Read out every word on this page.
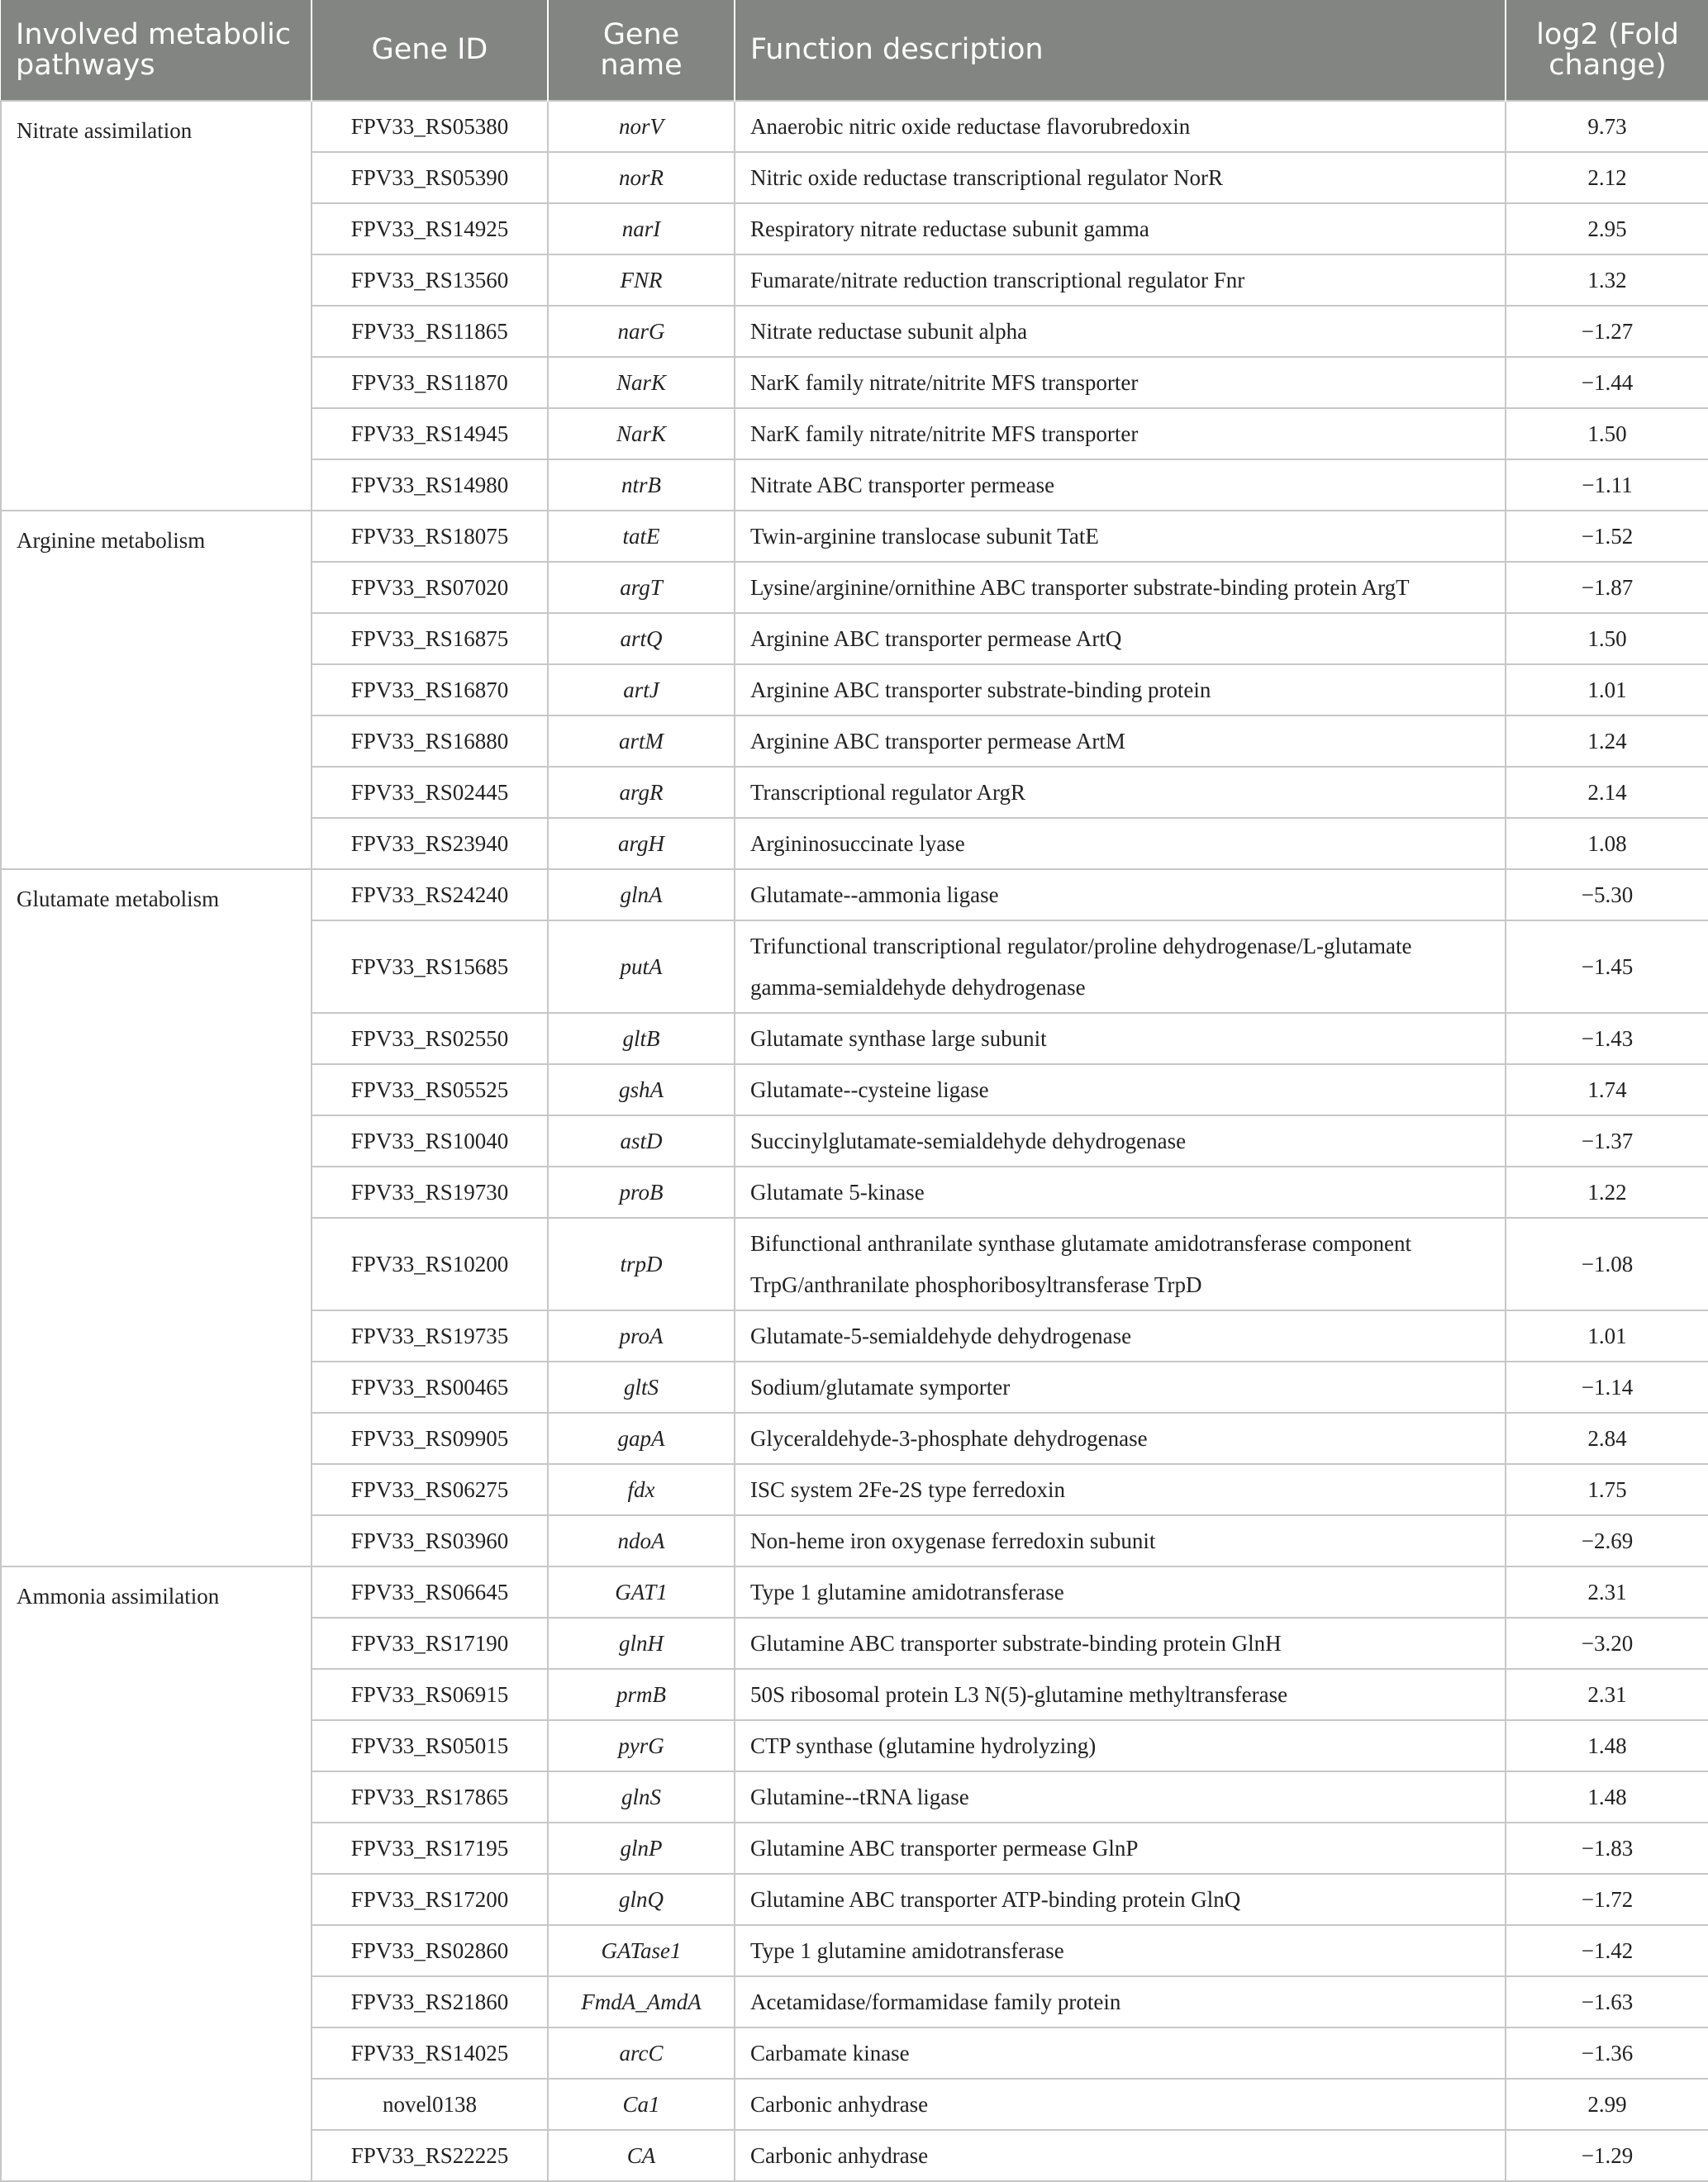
Involved metabolic pathways	Gene ID	Gene name	Function description	log2 (Fold change)
Nitrate assimilation	FPV33_RS05380	norV	Anaerobic nitric oxide reductase flavorubredoxin	9.73
	FPV33_RS05390	norR	Nitric oxide reductase transcriptional regulator NorR	2.12
	FPV33_RS14925	narI	Respiratory nitrate reductase subunit gamma	2.95
	FPV33_RS13560	FNR	Fumarate/nitrate reduction transcriptional regulator Fnr	1.32
	FPV33_RS11865	narG	Nitrate reductase subunit alpha	−1.27
	FPV33_RS11870	NarK	NarK family nitrate/nitrite MFS transporter	−1.44
	FPV33_RS14945	NarK	NarK family nitrate/nitrite MFS transporter	1.50
	FPV33_RS14980	ntrB	Nitrate ABC transporter permease	−1.11
Arginine metabolism	FPV33_RS18075	tatE	Twin-arginine translocase subunit TatE	−1.52
	FPV33_RS07020	argT	Lysine/arginine/ornithine ABC transporter substrate-binding protein ArgT	−1.87
	FPV33_RS16875	artQ	Arginine ABC transporter permease ArtQ	1.50
	FPV33_RS16870	artJ	Arginine ABC transporter substrate-binding protein	1.01
	FPV33_RS16880	artM	Arginine ABC transporter permease ArtM	1.24
	FPV33_RS02445	argR	Transcriptional regulator ArgR	2.14
	FPV33_RS23940	argH	Argininosuccinate lyase	1.08
Glutamate metabolism	FPV33_RS24240	glnA	Glutamate--ammonia ligase	−5.30
	FPV33_RS15685	putA	Trifunctional transcriptional regulator/proline dehydrogenase/L-glutamate gamma-semialdehyde dehydrogenase	−1.45
	FPV33_RS02550	gltB	Glutamate synthase large subunit	−1.43
	FPV33_RS05525	gshA	Glutamate--cysteine ligase	1.74
	FPV33_RS10040	astD	Succinylglutamate-semialdehyde dehydrogenase	−1.37
	FPV33_RS19730	proB	Glutamate 5-kinase	1.22
	FPV33_RS10200	trpD	Bifunctional anthranilate synthase glutamate amidotransferase component TrpG/anthranilate phosphoribosyltransferase TrpD	−1.08
	FPV33_RS19735	proA	Glutamate-5-semialdehyde dehydrogenase	1.01
	FPV33_RS00465	gltS	Sodium/glutamate symporter	−1.14
	FPV33_RS09905	gapA	Glyceraldehyde-3-phosphate dehydrogenase	2.84
	FPV33_RS06275	fdx	ISC system 2Fe-2S type ferredoxin	1.75
	FPV33_RS03960	ndoA	Non-heme iron oxygenase ferredoxin subunit	−2.69
Ammonia assimilation	FPV33_RS06645	GAT1	Type 1 glutamine amidotransferase	2.31
	FPV33_RS17190	glnH	Glutamine ABC transporter substrate-binding protein GlnH	−3.20
	FPV33_RS06915	prmB	50S ribosomal protein L3 N(5)-glutamine methyltransferase	2.31
	FPV33_RS05015	pyrG	CTP synthase (glutamine hydrolyzing)	1.48
	FPV33_RS17865	glnS	Glutamine--tRNA ligase	1.48
	FPV33_RS17195	glnP	Glutamine ABC transporter permease GlnP	−1.83
	FPV33_RS17200	glnQ	Glutamine ABC transporter ATP-binding protein GlnQ	−1.72
	FPV33_RS02860	GATase1	Type 1 glutamine amidotransferase	−1.42
	FPV33_RS21860	FmdA_AmdA	Acetamidase/formamidase family protein	−1.63
	FPV33_RS14025	arcC	Carbamate kinase	−1.36
	novel0138	Ca1	Carbonic anhydrase	2.99
	FPV33_RS22225	CA	Carbonic anhydrase	−1.29
